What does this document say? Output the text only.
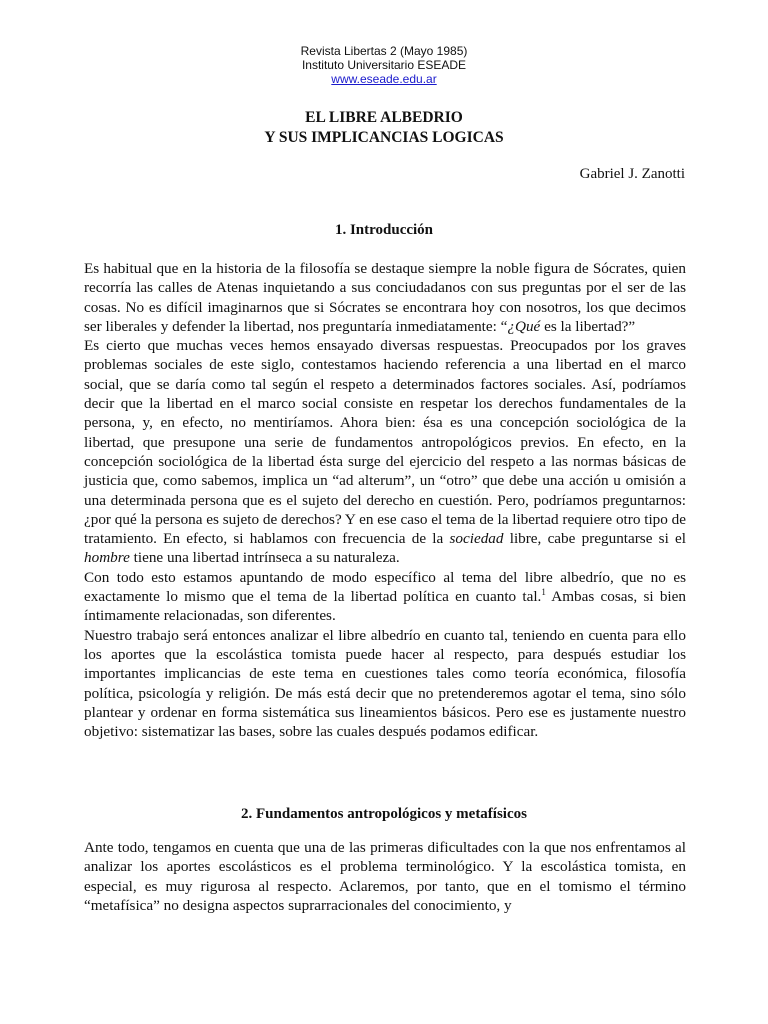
Revista Libertas 2 (Mayo 1985)
Instituto Universitario ESEADE
www.eseade.edu.ar
EL LIBRE ALBEDRIO
Y SUS IMPLICANCIAS LOGICAS
Gabriel J. Zanotti
1. Introducción

Es habitual que en la historia de la filosofía se destaque siempre la noble figura de Sócrates, quien recorría las calles de Atenas inquietando a sus conciudadanos con sus preguntas por el ser de las cosas. No es difícil imaginarnos que si Sócrates se encontrara hoy con nosotros, los que decimos ser liberales y defender la libertad, nos preguntaría inmediatamente: “¿Qué es la libertad?”

Es cierto que muchas veces hemos ensayado diversas respuestas. Preocupados por los graves problemas sociales de este siglo, contestamos haciendo referencia a una libertad en el marco social, que se daría como tal según el respeto a determinados factores sociales. Así, podríamos decir que la libertad en el marco social consiste en respetar los derechos fundamentales de la persona, y, en efecto, no mentiríamos. Ahora bien: ésa es una concepción sociológica de la libertad, que presupone una serie de fundamentos antropológicos previos. En efecto, en la concepción sociológica de la libertad ésta surge del ejercicio del respeto a las normas básicas de justicia que, como sabemos, implica un “ad alterum”, un “otro” que debe una acción u omisión a una determinada persona que es el sujeto del derecho en cuestión. Pero, podríamos preguntarnos: ¿por qué la persona es sujeto de derechos? Y en ese caso el tema de la libertad requiere otro tipo de tratamiento. En efecto, si hablamos con frecuencia de la sociedad libre, cabe preguntarse si el hombre tiene una libertad intrínseca a su naturaleza.

Con todo esto estamos apuntando de modo específico al tema del libre albedrío, que no es exactamente lo mismo que el tema de la libertad política en cuanto tal.$^1$ Ambas cosas, si bien íntimamente relacionadas, son diferentes.

Nuestro trabajo será entonces analizar el libre albedrío en cuanto tal, teniendo en cuenta para ello los aportes que la escolástica tomista puede hacer al respecto, para después estudiar los importantes implicancias de este tema en cuestiones tales como teoría económica, filosofía política, psicología y religión. De más está decir que no pretenderemos agotar el tema, sino sólo plantear y ordenar en forma sistemática sus lineamientos básicos. Pero ese es justamente nuestro objetivo: sistematizar las bases, sobre las cuales después podamos edificar.

2. Fundamentos antropológicos y metafísicos

Ante todo, tengamos en cuenta que una de las primeras dificultades con la que nos enfrentamos al analizar los aportes escolásticos es el problema terminológico. Y la escolástica tomista, en especial, es muy rigurosa al respecto. Aclaremos, por tanto, que en el tomismo el término “metafísica” no designa aspectos suprarracionales del conocimiento, y
